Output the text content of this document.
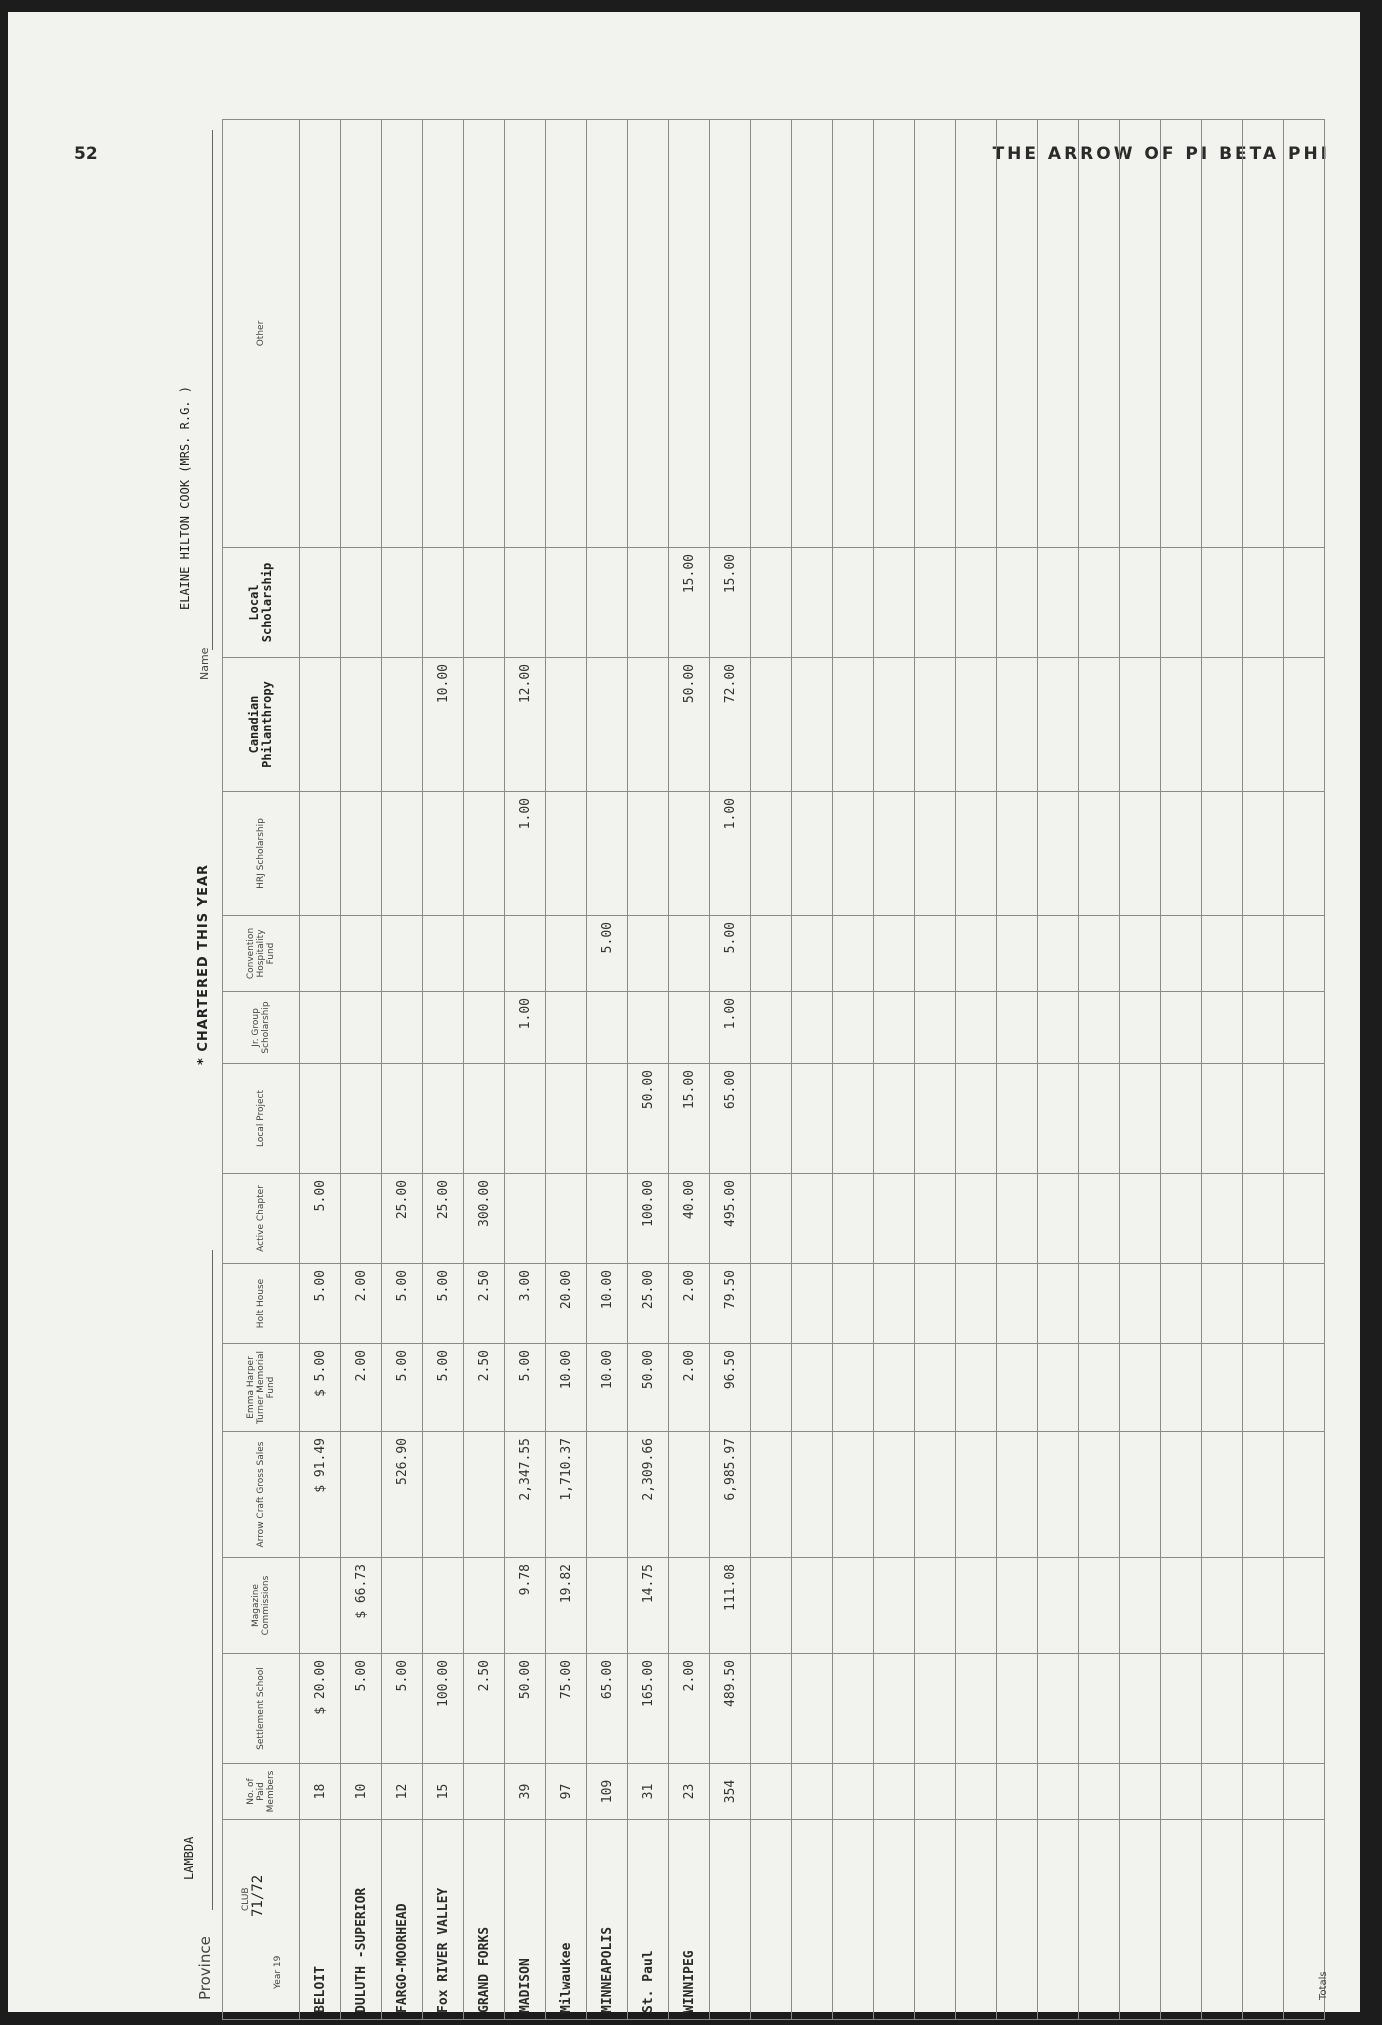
52	THE ARROW OF PI BETA PHI
Province
LAMBDA
* CHARTERED THIS YEAR
Name
ELAINE HILTON COOK (MRS. R.G. )
CLUB
Year 19
71/72	No. of Paid Members	Settlement School	Magazine Commissions	Arrow Craft Gross Sales	Emma Harper Turner Memorial Fund	Holt House	Active Chapter	Local Project	Jr. Group Scholarship	Convention Hospitality Fund	HRJ Scholarship	Canadian Philanthropy	Local Scholarship	Other	
BELOIT	18	$ 20.00		$ 91.49	$ 5.00	5.00	5.00								
DULUTH -SUPERIOR	10	5.00	$ 66.73		2.00	2.00									
FARGO-MOORHEAD	12	5.00		526.90	5.00	5.00	25.00								
Fox RIVER VALLEY	15	100.00			5.00	5.00	25.00					10.00			
GRAND FORKS		2.50			2.50	2.50	300.00								
MADISON	39	50.00	9.78	2,347.55	5.00	3.00			1.00		1.00	12.00			
Milwaukee	97	75.00	19.82	1,710.37	10.00	20.00									
MINNEAPOLIS	109	65.00			10.00	10.00				5.00					
St. Paul	31	165.00	14.75	2,309.66	50.00	25.00	100.00	50.00							
WINNIPEG	23	2.00			2.00	2.00	40.00	15.00				50.00	15.00		
	354	489.50	111.08	6,985.97	96.50	79.50	495.00	65.00	1.00	5.00	1.00	72.00	15.00		

Totals
